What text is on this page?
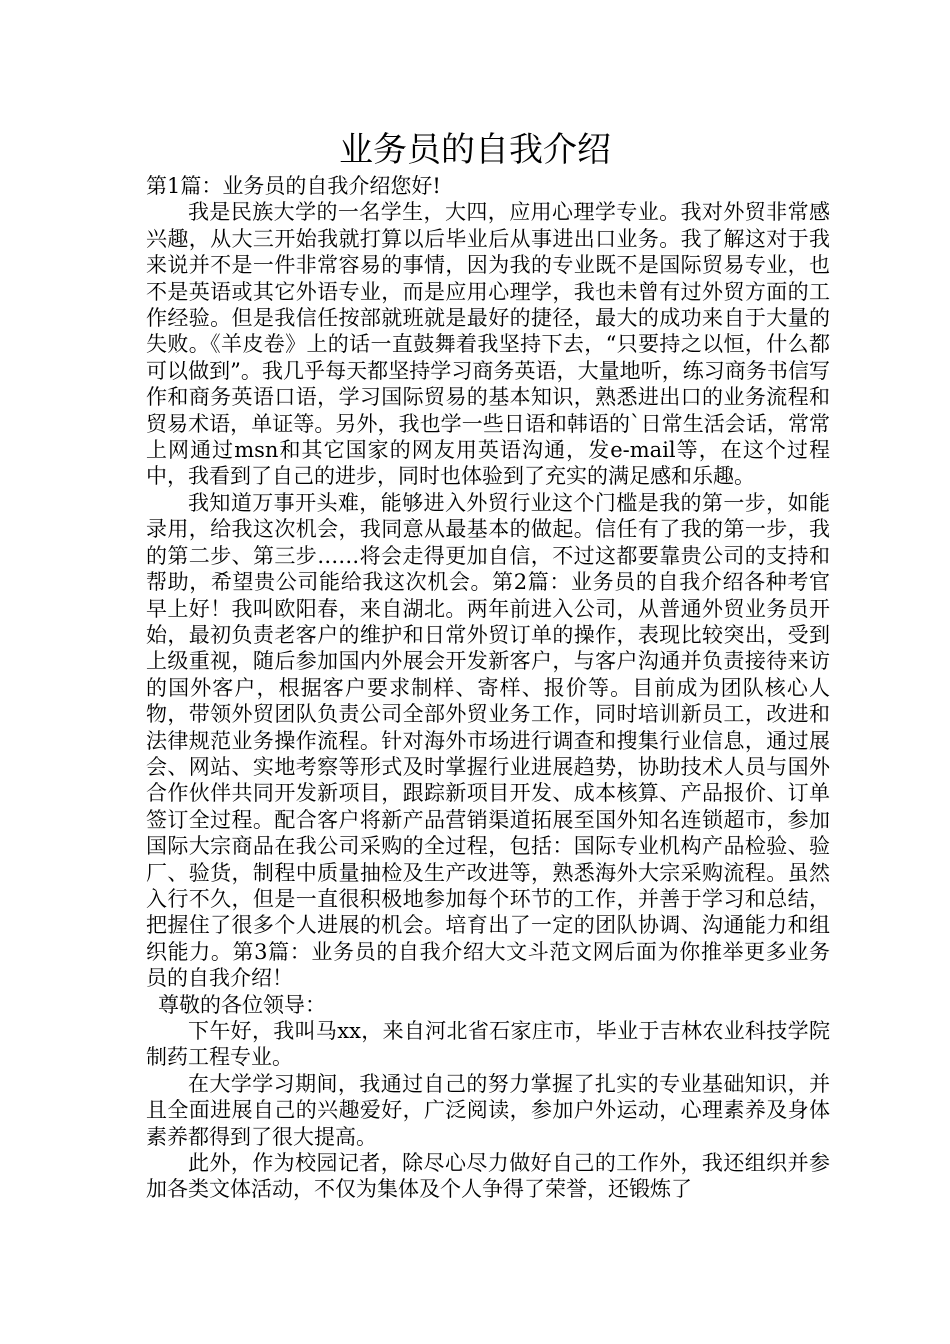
业务员的自我介绍

第1篇：业务员的自我介绍您好!

我是民族大学的一名学生，大四，应用心理学专业。我对外贸非常感兴趣，从大三开始我就打算以后毕业后从事进出口业务。我了解这对于我来说并不是一件非常容易的事情，因为我的专业既不是国际贸易专业，也不是英语或其它外语专业，而是应用心理学，我也未曾有过外贸方面的工作经验。但是我信任按部就班就是最好的捷径，最大的成功来自于大量的失败。《羊皮卷》上的话一直鼓舞着我坚持下去，“只要持之以恒，什么都可以做到”。我几乎每天都坚持学习商务英语，大量地听，练习商务书信写作和商务英语口语，学习国际贸易的基本知识，熟悉进出口的业务流程和贸易术语，单证等。另外，我也学一些日语和韩语的`日常生活会话，常常上网通过msn和其它国家的网友用英语沟通，发e-mail等，在这个过程中，我看到了自己的进步，同时也体验到了充实的满足感和乐趣。

我知道万事开头难，能够进入外贸行业这个门槛是我的第一步，如能录用，给我这次机会，我同意从最基本的做起。信任有了我的第一步，我的第二步、第三步……将会走得更加自信，不过这都要靠贵公司的支持和帮助，希望贵公司能给我这次机会。第2篇：业务员的自我介绍各种考官早上好！我叫欧阳春，来自湖北。两年前进入公司，从普通外贸业务员开始，最初负责老客户的维护和日常外贸订单的操作，表现比较突出，受到上级重视，随后参加国内外展会开发新客户，与客户沟通并负责接待来访的国外客户，根据客户要求制样、寄样、报价等。目前成为团队核心人物，带领外贸团队负责公司全部外贸业务工作，同时培训新员工，改进和法律规范业务操作流程。针对海外市场进行调查和搜集行业信息，通过展会、网站、实地考察等形式及时掌握行业进展趋势，协助技术人员与国外合作伙伴共同开发新项目，跟踪新项目开发、成本核算、产品报价、订单签订全过程。配合客户将新产品营销渠道拓展至国外知名连锁超市，参加国际大宗商品在我公司采购的全过程，包括：国际专业机构产品检验、验厂、验货，制程中质量抽检及生产改进等，熟悉海外大宗采购流程。虽然入行不久，但是一直很积极地参加每个环节的工作，并善于学习和总结，把握住了很多个人进展的机会。培育出了一定的团队协调、沟通能力和组织能力。第3篇：业务员的自我介绍大文斗范文网后面为你推举更多业务员的自我介绍！

尊敬的各位领导：

下午好，我叫马xx，来自河北省石家庄市，毕业于吉林农业科技学院制药工程专业。

在大学学习期间，我通过自己的努力掌握了扎实的专业基础知识，并且全面进展自己的兴趣爱好，广泛阅读，参加户外运动，心理素养及身体素养都得到了很大提高。

此外，作为校园记者，除尽心尽力做好自己的工作外，我还组织并参加各类文体活动，不仅为集体及个人争得了荣誉，还锻炼了
